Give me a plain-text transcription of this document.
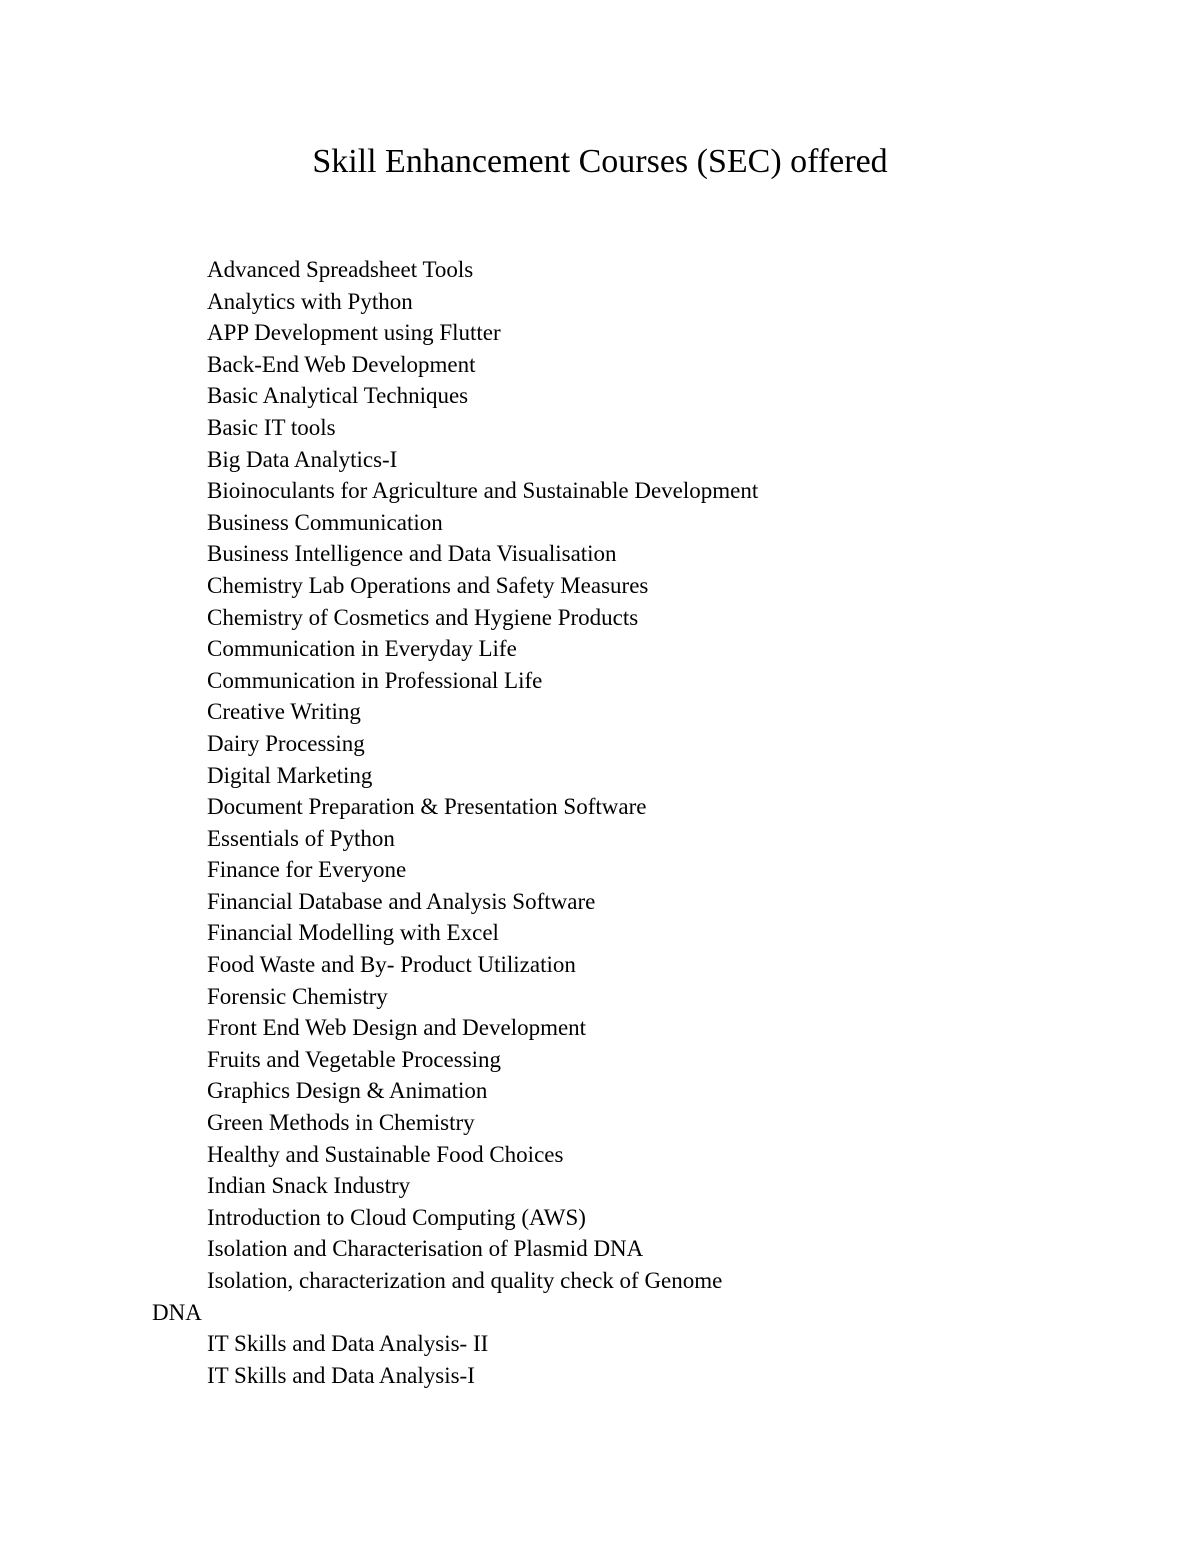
Skill Enhancement Courses (SEC) offered
Advanced Spreadsheet Tools
Analytics with Python
APP Development using Flutter
Back-End Web Development
Basic Analytical Techniques
Basic IT tools
Big Data Analytics-I
Bioinoculants for Agriculture and Sustainable Development
Business Communication
Business Intelligence and Data Visualisation
Chemistry Lab Operations and Safety Measures
Chemistry of Cosmetics and Hygiene Products
Communication in Everyday Life
Communication in Professional Life
Creative Writing
Dairy Processing
Digital Marketing
Document Preparation & Presentation Software
Essentials of Python
Finance for Everyone
Financial Database and Analysis Software
Financial Modelling with Excel
Food Waste and By- Product Utilization
Forensic Chemistry
Front End Web Design and Development
Fruits and Vegetable Processing
Graphics Design & Animation
Green Methods in Chemistry
Healthy and Sustainable Food Choices
Indian Snack Industry
Introduction to Cloud Computing (AWS)
Isolation and Characterisation of Plasmid DNA
Isolation, characterization and quality check of Genome
DNA
IT Skills and Data Analysis- II
IT Skills and Data Analysis-I
